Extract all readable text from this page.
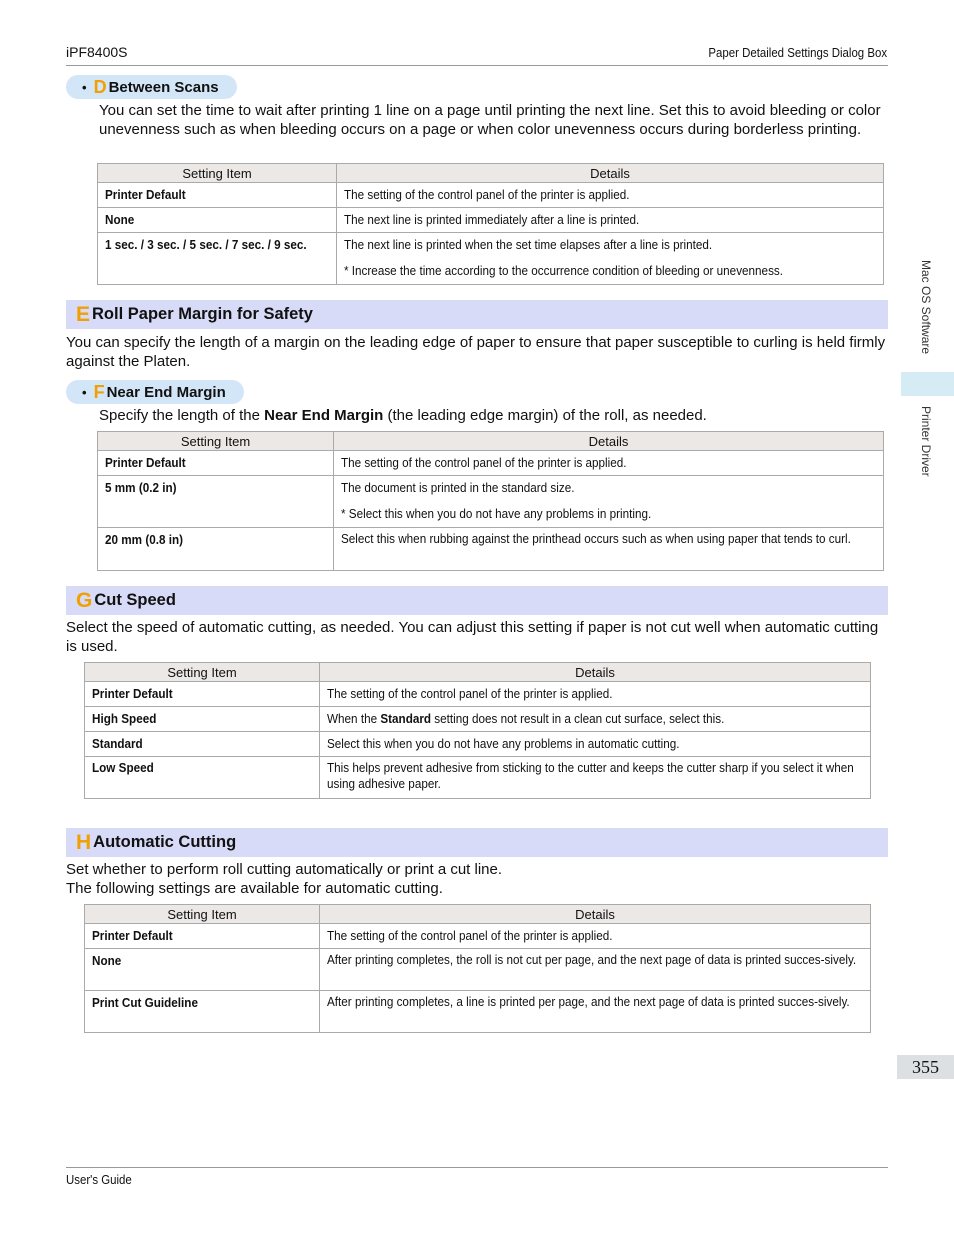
iPF8400S	Paper Detailed Settings Dialog Box
• D Between Scans
You can set the time to wait after printing 1 line on a page until printing the next line. Set this to avoid bleeding or color unevenness such as when bleeding occurs on a page or when color unevenness occurs during borderless printing.
Setting Item	Details
Printer Default	The setting of the control panel of the printer is applied.
None	The next line is printed immediately after a line is printed.
1 sec. / 3 sec. / 5 sec. / 7 sec. / 9 sec.	The next line is printed when the set time elapses after a line is printed.
* Increase the time according to the occurrence condition of bleeding or unevenness.
E Roll Paper Margin for Safety
You can specify the length of a margin on the leading edge of paper to ensure that paper susceptible to curling is held firmly against the Platen.
• F Near End Margin
Specify the length of the Near End Margin (the leading edge margin) of the roll, as needed.
Setting Item	Details
Printer Default	The setting of the control panel of the printer is applied.
5 mm (0.2 in)	The document is printed in the standard size.
* Select this when you do not have any problems in printing.

20 mm (0.8 in)	Select this when rubbing against the printhead occurs such as when using paper that tends to curl.
G Cut Speed
Select the speed of automatic cutting, as needed. You can adjust this setting if paper is not cut well when automatic cutting is used.
Setting Item	Details
Printer Default	The setting of the control panel of the printer is applied.
High Speed	When the Standard setting does not result in a clean cut surface, select this.
Standard	Select this when you do not have any problems in automatic cutting.
Low Speed	This helps prevent adhesive from sticking to the cutter and keeps the cutter sharp if you select it when using adhesive paper.
H Automatic Cutting
Set whether to perform roll cutting automatically or print a cut line.
The following settings are available for automatic cutting.
Setting Item	Details
Printer Default	The setting of the control panel of the printer is applied.
None	After printing completes, the roll is not cut per page, and the next page of data is printed succes-sively.

Print Cut Guideline	After printing completes, a line is printed per page, and the next page of data is printed succes-sively.
Mac OS Software
Printer Driver
355
User's Guide
